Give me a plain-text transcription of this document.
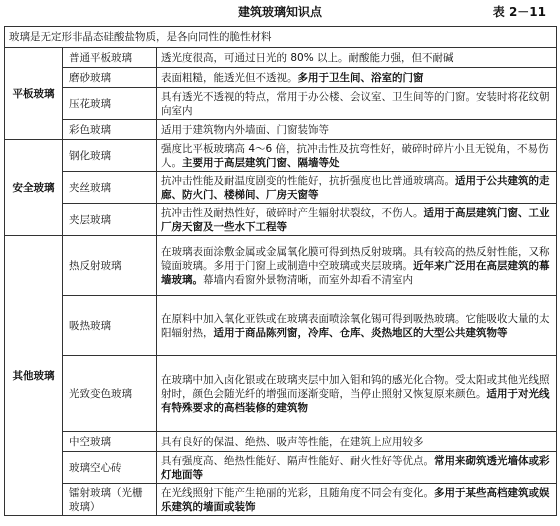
建筑玻璃知识点	表 2－11
玻璃是无定形非晶态硅酸盐物质，是各向同性的脆性材料		
平板玻璃	普通平板玻璃	透光度很高，可通过日光的 80% 以上。耐酸能力强，但不耐碱
	磨砂玻璃	表面粗糙，能透光但不透视。多用于卫生间、浴室的门窗
	压花玻璃	具有透光不透视的特点，常用于办公楼、会议室、卫生间等的门窗。安装时将花纹朝向室内
	彩色玻璃	适用于建筑物内外墙面、门窗装饰等
安全玻璃	钢化玻璃	强度比平板玻璃高 4～6 倍，抗冲击性及抗弯性好，破碎时碎片小且无锐角，不易伤人。主要用于高层建筑门窗、隔墙等处
	夹丝玻璃	抗冲击性能及耐温度剧变的性能好，抗折强度也比普通玻璃高。适用于公共建筑的走廊、防火门、楼梯间、厂房天窗等
	夹层玻璃	抗冲击性及耐热性好，破碎时产生辐射状裂纹，不伤人。适用于高层建筑门窗、工业厂房天窗及一些水下工程等
其他玻璃	热反射玻璃	在玻璃表面涂敷金属或金属氧化膜可得到热反射玻璃。具有较高的热反射性能，又称镜面玻璃。多用于门窗上或制造中空玻璃或夹层玻璃。近年来广泛用在高层建筑的幕墙玻璃。幕墙内看窗外景物清晰，而室外却看不清室内
	吸热玻璃	在原料中加入氧化亚铁或在玻璃表面喷涂氧化锡可得到吸热玻璃。它能吸收大量的太阳辐射热，适用于商品陈列窗，冷库、仓库、炎热地区的大型公共建筑物等
	光致变色玻璃	在玻璃中加入卤化银或在玻璃夹层中加入钼和钨的感光化合物。受太阳或其他光线照射时，颜色会随光纤的增强而逐渐变暗，当停止照射又恢复原来颜色。适用于对光线有特殊要求的高档装修的建筑物
	中空玻璃	具有良好的保温、绝热、吸声等性能，在建筑上应用较多
	玻璃空心砖	具有强度高、绝热性能好、隔声性能好、耐火性好等优点。常用来砌筑透光墙体或彩灯地面等
	镭射玻璃（光栅玻璃）	在光线照射下能产生艳丽的光彩，且随角度不同会有变化。多用于某些高档建筑或娱乐建筑的墙面或装饰
